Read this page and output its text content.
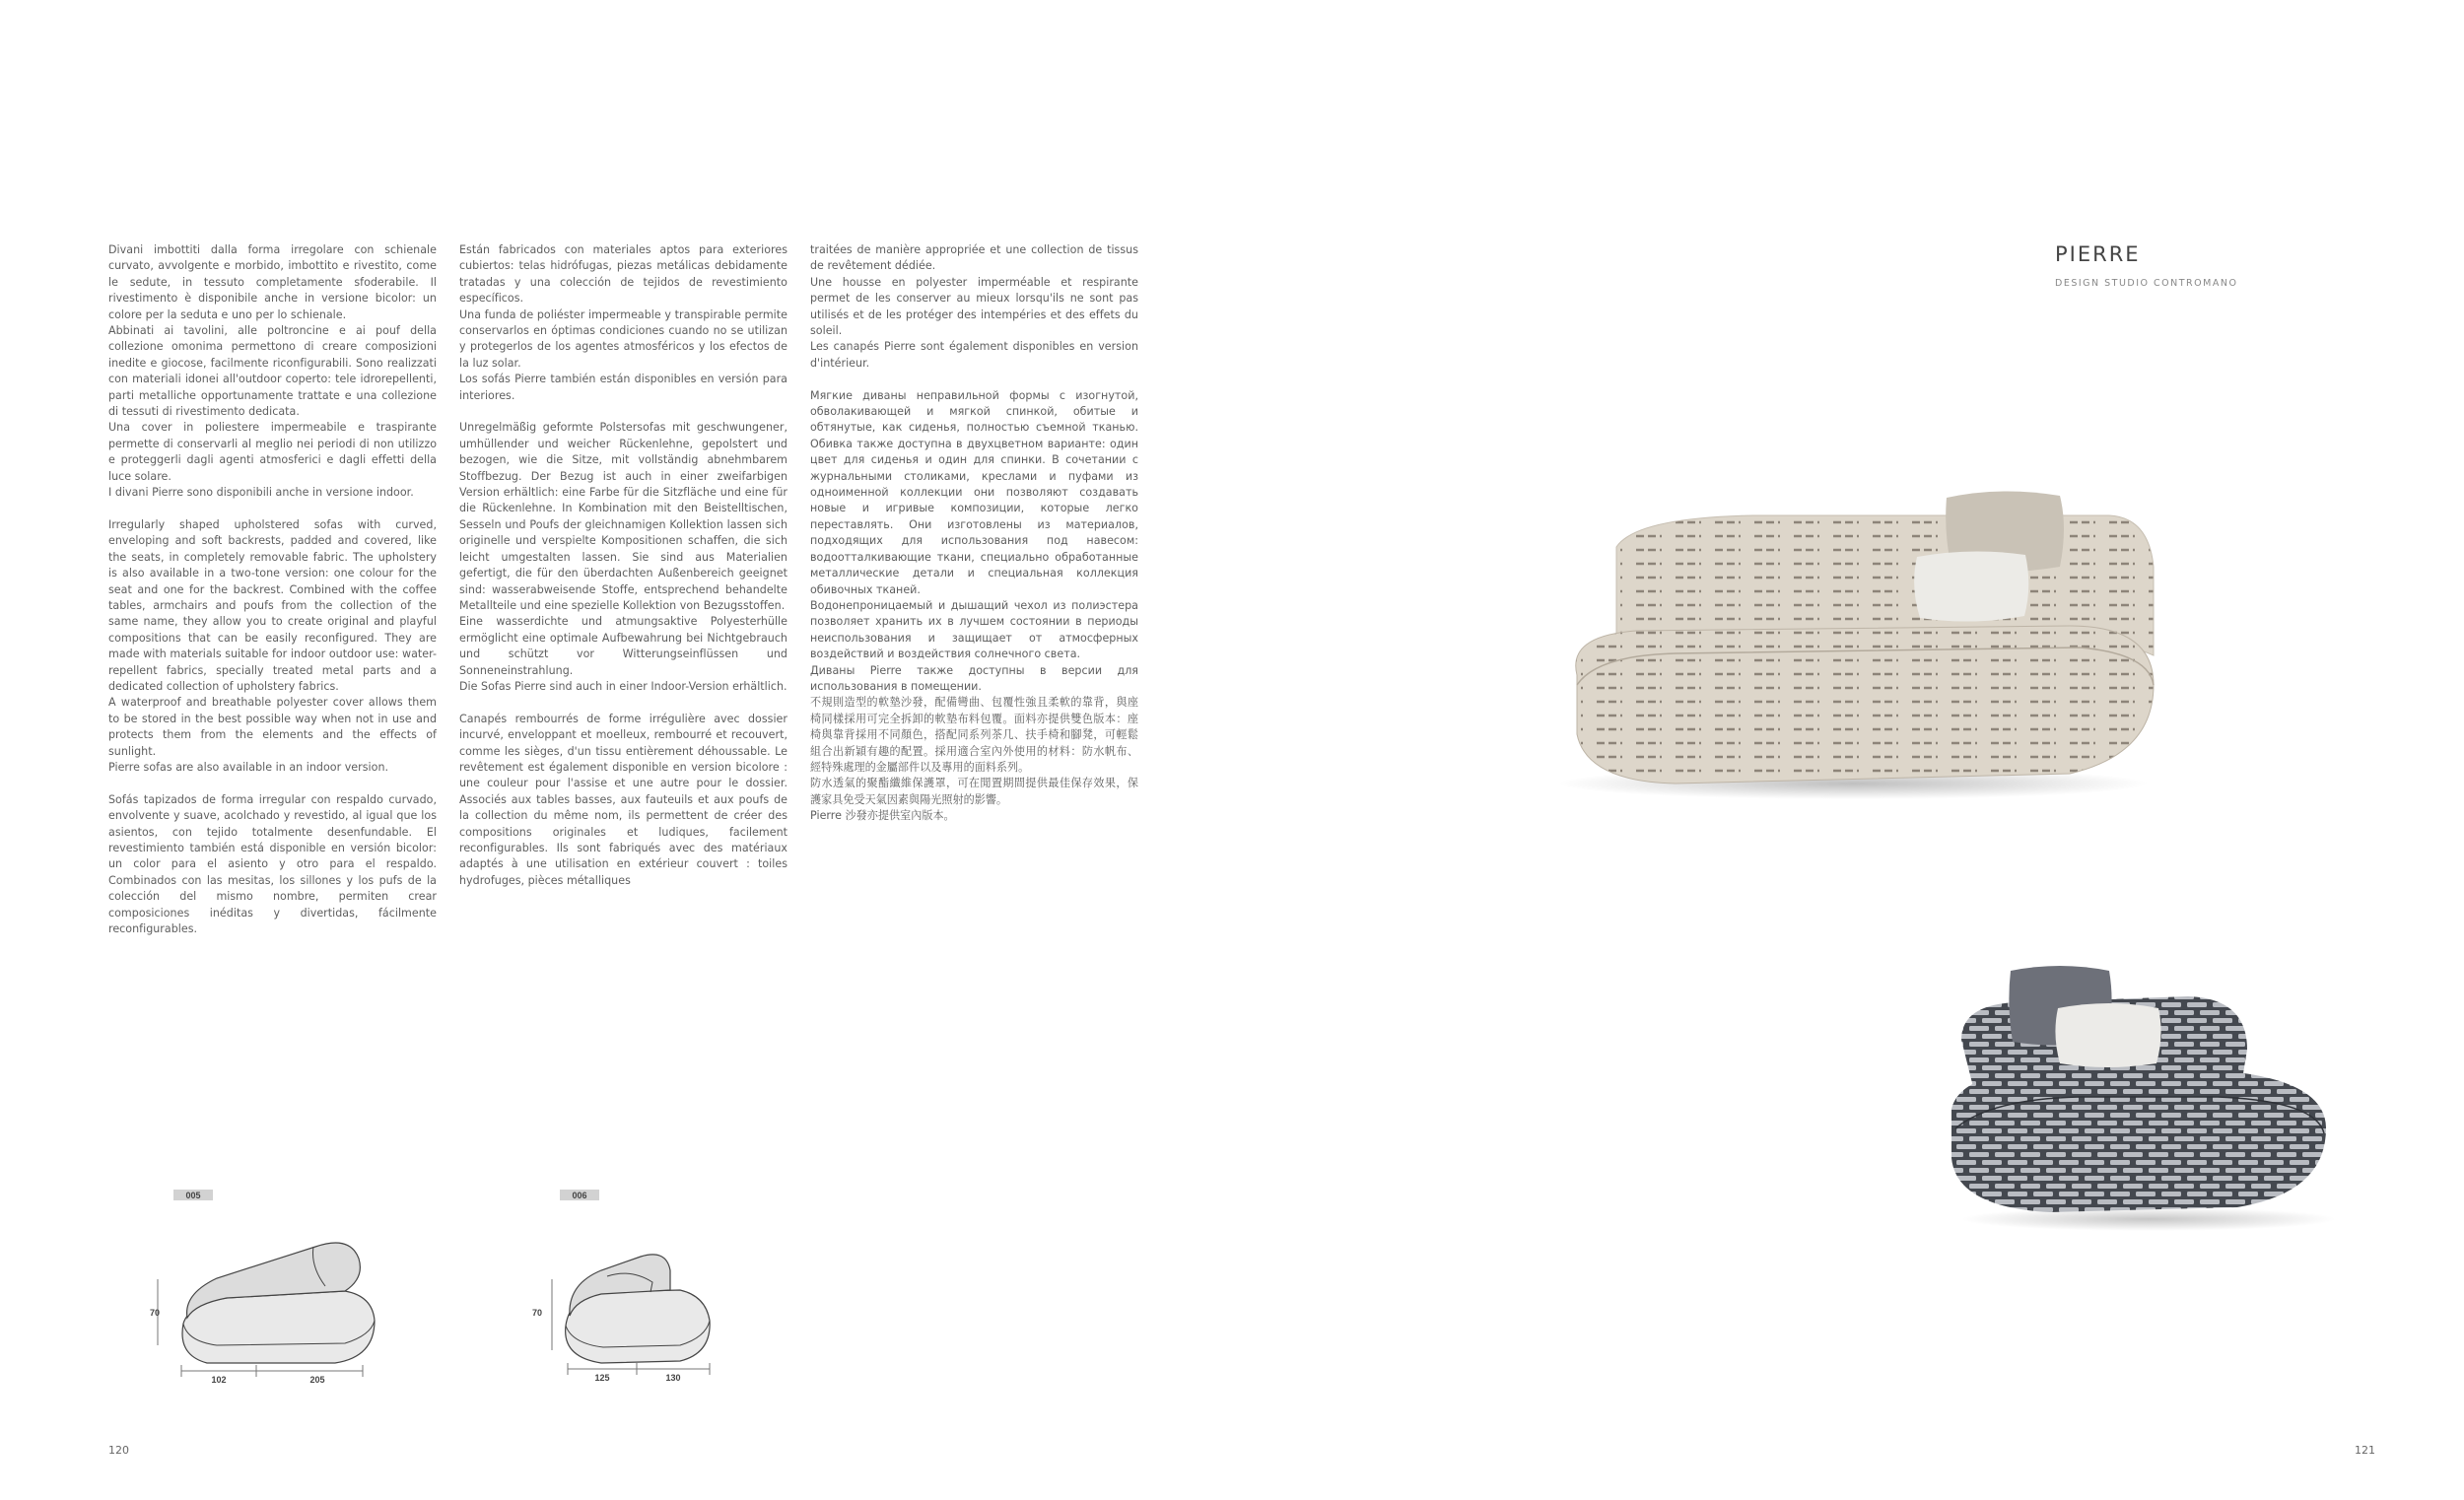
Divani imbottiti dalla forma irregolare con schienale curvato, avvolgente e morbido, imbottito e rivestito, come le sedute, in tessuto completamente sfoderabile. Il rivestimento è disponibile anche in versione bicolor: un colore per la seduta e uno per lo schienale.
Abbinati ai tavolini, alle poltroncine e ai pouf della collezione omonima permettono di creare composizioni inedite e giocose, facilmente riconfigurabili. Sono realizzati con materiali idonei all'outdoor coperto: tele idrorepellenti, parti metalliche opportunamente trattate e una collezione di tessuti di rivestimento dedicata.
Una cover in poliestere impermeabile e traspirante permette di conservarli al meglio nei periodi di non utilizzo e proteggerli dagli agenti atmosferici e dagli effetti della luce solare.
I divani Pierre sono disponibili anche in versione indoor.

Irregularly shaped upholstered sofas with curved, enveloping and soft backrests, padded and covered, like the seats, in completely removable fabric. The upholstery is also available in a two-tone version: one colour for the seat and one for the backrest. Combined with the coffee tables, armchairs and poufs from the collection of the same name, they allow you to create original and playful compositions that can be easily reconfigured. They are made with materials suitable for indoor outdoor use: water-repellent fabrics, specially treated metal parts and a dedicated collection of upholstery fabrics.
A waterproof and breathable polyester cover allows them to be stored in the best possible way when not in use and protects them from the elements and the effects of sunlight.
Pierre sofas are also available in an indoor version.

Sofás tapizados de forma irregular con respaldo curvado, envolvente y suave, acolchado y revestido, al igual que los asientos, con tejido totalmente desenfundable. El revestimiento también está disponible en versión bicolor: un color para el asiento y otro para el respaldo. Combinados con las mesitas, los sillones y los pufs de la colección del mismo nombre, permiten crear composiciones inéditas y divertidas, fácilmente reconfigurables.

Están fabricados con materiales aptos para exteriores cubiertos: telas hidrófugas, piezas metálicas debidamente tratadas y una colección de tejidos de revestimiento específicos.
Una funda de poliéster impermeable y transpirable permite conservarlos en óptimas condiciones cuando no se utilizan y protegerlos de los agentes atmosféricos y los efectos de la luz solar.
Los sofás Pierre también están disponibles en versión para interiores.

Unregelmäßig geformte Polstersofas mit geschwungener, umhüllender und weicher Rückenlehne, gepolstert und bezogen, wie die Sitze, mit vollständig abnehmbarem Stoffbezug. Der Bezug ist auch in einer zweifarbigen Version erhältlich: eine Farbe für die Sitzfläche und eine für die Rückenlehne. In Kombination mit den Beistelltischen, Sesseln und Poufs der gleichnamigen Kollektion lassen sich originelle und verspielte Kompositionen schaffen, die sich leicht umgestalten lassen. Sie sind aus Materialien gefertigt, die für den überdachten Außenbereich geeignet sind: wasserabweisende Stoffe, entsprechend behandelte Metallteile und eine spezielle Kollektion von Bezugsstoffen.
Eine wasserdichte und atmungsaktive Polyesterhülle ermöglicht eine optimale Aufbewahrung bei Nichtgebrauch und schützt vor Witterungseinflüssen und Sonneneinstrahlung.
Die Sofas Pierre sind auch in einer Indoor-Version erhältlich.

Canapés rembourrés de forme irrégulière avec dossier incurvé, enveloppant et moelleux, rembourré et recouvert, comme les sièges, d'un tissu entièrement déhoussable. Le revêtement est également disponible en version bicolore : une couleur pour l'assise et une autre pour le dossier. Associés aux tables basses, aux fauteuils et aux poufs de la collection du même nom, ils permettent de créer des compositions originales et ludiques, facilement reconfigurables. Ils sont fabriqués avec des matériaux adaptés à une utilisation en extérieur couvert : toiles hydrofuges, pièces métalliques

traitées de manière appropriée et une collection de tissus de revêtement dédiée.
Une housse en polyester imperméable et respirante permet de les conserver au mieux lorsqu'ils ne sont pas utilisés et de les protéger des intempéries et des effets du soleil.
Les canapés Pierre sont également disponibles en version d'intérieur.

Мягкие диваны неправильной формы с изогнутой, обволакивающей и мягкой спинкой, обитые и обтянутые, как сиденья, полностью съемной тканью. Обивка также доступна в двухцветном варианте: один цвет для сиденья и один для спинки. В сочетании с журнальными столиками, креслами и пуфами из одноименной коллекции они позволяют создавать новые и игривые композиции, которые легко переставлять. Они изготовлены из материалов, подходящих для использования под навесом: водоотталкивающие ткани, специально обработанные металлические детали и специальная коллекция обивочных тканей.
Водонепроницаемый и дышащий чехол из полиэстера позволяет хранить их в лучшем состоянии в периоды неиспользования и защищает от атмосферных воздействий и воздействия солнечного света.
Диваны Pierre также доступны в версии для использования в помещении.
不規則造型的軟墊沙發，配備彎曲、包覆性強且柔軟的靠背，與座椅同樣採用可完全拆卸的軟墊布料包覆。面料亦提供雙色版本：座椅與靠背採用不同顏色，搭配同系列茶几、扶手椅和腳凳，可輕鬆組合出新穎有趣的配置。採用適合室內外使用的材料：防水帆布、經特殊處理的金屬部件以及專用的面料系列。
防水透氣的聚酯纖維保護罩，可在閒置期間提供最佳保存效果，保護家具免受天氣因素與陽光照射的影響。
Pierre 沙發亦提供室內版本。

005
70
102	205
006
70
125	130
120	121
PIERRE
DESIGN STUDIO CONTROMANO
